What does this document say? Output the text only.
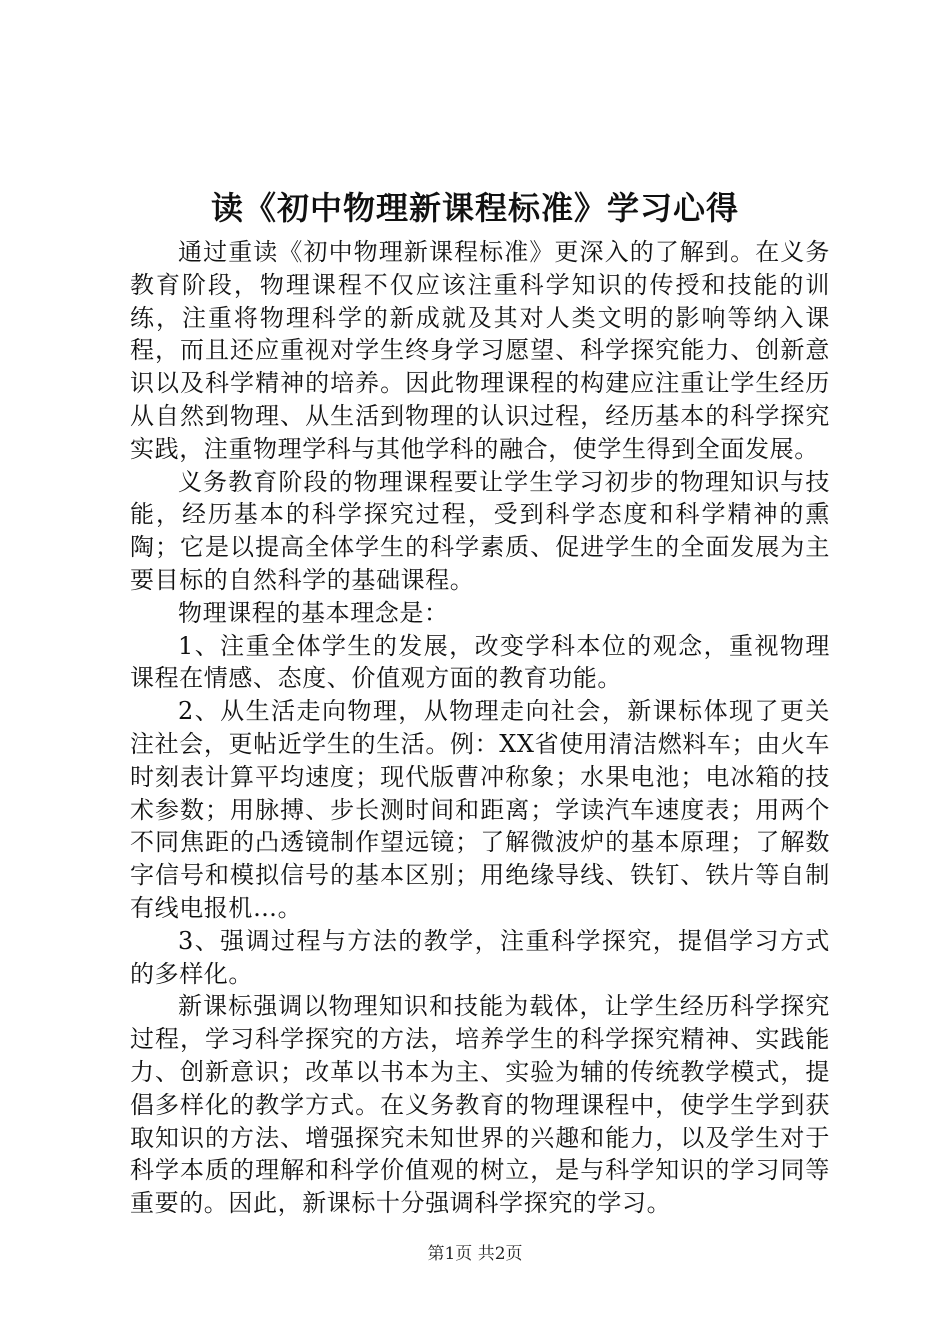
读《初中物理新课程标准》学习心得

通过重读《初中物理新课程标准》更深入的了解到。在义务教育阶段，物理课程不仅应该注重科学知识的传授和技能的训练，注重将物理科学的新成就及其对人类文明的影响等纳入课程，而且还应重视对学生终身学习愿望、科学探究能力、创新意识以及科学精神的培养。因此物理课程的构建应注重让学生经历从自然到物理、从生活到物理的认识过程，经历基本的科学探究实践，注重物理学科与其他学科的融合，使学生得到全面发展。

义务教育阶段的物理课程要让学生学习初步的物理知识与技能，经历基本的科学探究过程，受到科学态度和科学精神的熏陶；它是以提高全体学生的科学素质、促进学生的全面发展为主要目标的自然科学的基础课程。

物理课程的基本理念是：

1、注重全体学生的发展，改变学科本位的观念，重视物理课程在情感、态度、价值观方面的教育功能。

2、从生活走向物理，从物理走向社会，新课标体现了更关注社会，更帖近学生的生活。例：XX省使用清洁燃料车；由火车时刻表计算平均速度；现代版曹冲称象；水果电池；电冰箱的技术参数；用脉搏、步长测时间和距离；学读汽车速度表；用两个不同焦距的凸透镜制作望远镜；了解微波炉的基本原理；了解数字信号和模拟信号的基本区别；用绝缘导线、铁钉、铁片等自制有线电报机…。

3、强调过程与方法的教学，注重科学探究，提倡学习方式的多样化。

新课标强调以物理知识和技能为载体，让学生经历科学探究过程，学习科学探究的方法，培养学生的科学探究精神、实践能力、创新意识；改革以书本为主、实验为辅的传统教学模式，提倡多样化的教学方式。在义务教育的物理课程中，使学生学到获取知识的方法、增强探究未知世界的兴趣和能力，以及学生对于科学本质的理解和科学价值观的树立，是与科学知识的学习同等重要的。因此，新课标十分强调科学探究的学习。

第1页 共2页
